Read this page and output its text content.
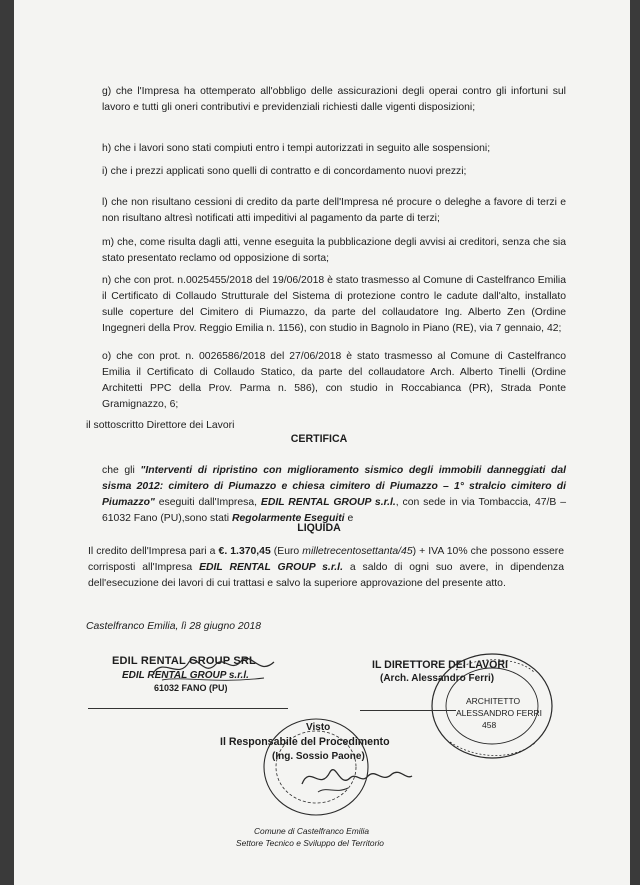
g) che l'Impresa ha ottemperato all'obbligo delle assicurazioni degli operai contro gli infortuni sul lavoro e tutti gli oneri contributivi e previdenziali richiesti dalle vigenti disposizioni;
h) che i lavori sono stati compiuti entro i tempi autorizzati in seguito alle sospensioni;
i) che i prezzi applicati sono quelli di contratto e di concordamento nuovi prezzi;
l) che non risultano cessioni di credito da parte dell'Impresa né procure o deleghe a favore di terzi e non risultano altresì notificati atti impeditivi al pagamento da parte di terzi;
m) che, come risulta dagli atti, venne eseguita la pubblicazione degli avvisi ai creditori, senza che sia stato presentato reclamo od opposizione di sorta;
n) che con prot. n.0025455/2018 del 19/06/2018 è stato trasmesso al Comune di Castelfranco Emilia il Certificato di Collaudo Strutturale del Sistema di protezione contro le cadute dall'alto, installato sulle coperture del Cimitero di Piumazzo, da parte del collaudatore Ing. Alberto Zen (Ordine Ingegneri della Prov. Reggio Emilia n. 1156), con studio in Bagnolo in Piano (RE), via 7 gennaio, 42;
o) che con prot. n. 0026586/2018 del 27/06/2018 è stato trasmesso al Comune di Castelfranco Emilia il Certificato di Collaudo Statico, da parte del collaudatore Arch. Alberto Tinelli (Ordine Architetti PPC della Prov. Parma n. 586), con studio in Roccabianca (PR), Strada Ponte Gramignazzo, 6;
il sottoscritto Direttore dei Lavori
CERTIFICA
che gli "Interventi di ripristino con miglioramento sismico degli immobili danneggiati dal sisma 2012: cimitero di Piumazzo e chiesa cimitero di Piumazzo – 1° stralcio cimitero di Piumazzo" eseguiti dall'Impresa, EDIL RENTAL GROUP s.r.l., con sede in via Tombaccia, 47/B – 61032 Fano (PU),sono stati Regolarmente Eseguiti e
LIQUIDA
Il credito dell'Impresa pari a €. 1.370,45 (Euro milletrecentosettanta/45) + IVA 10% che possono essere corrisposti all'Impresa EDIL RENTAL GROUP s.r.l. a saldo di ogni suo avere, in dipendenza dell'esecuzione dei lavori di cui trattasi e salvo la superiore approvazione del presente atto.
Castelfranco Emilia, lì 28 giugno 2018
EDIL RENTAL GROUP SRL
EDIL RENTAL GROUP s.r.l.
61032 FANO (PU)
IL DIRETTORE DEI LAVORI
(Arch. Alessandro Ferri)
ARCHITETTO
ALESSANDRO FERRI
458
Visto
Il Responsabile del Procedimento
(Ing. Sossio Paone)
Comune di Castelfranco Emilia
Settore Tecnico e Sviluppo del Territorio
